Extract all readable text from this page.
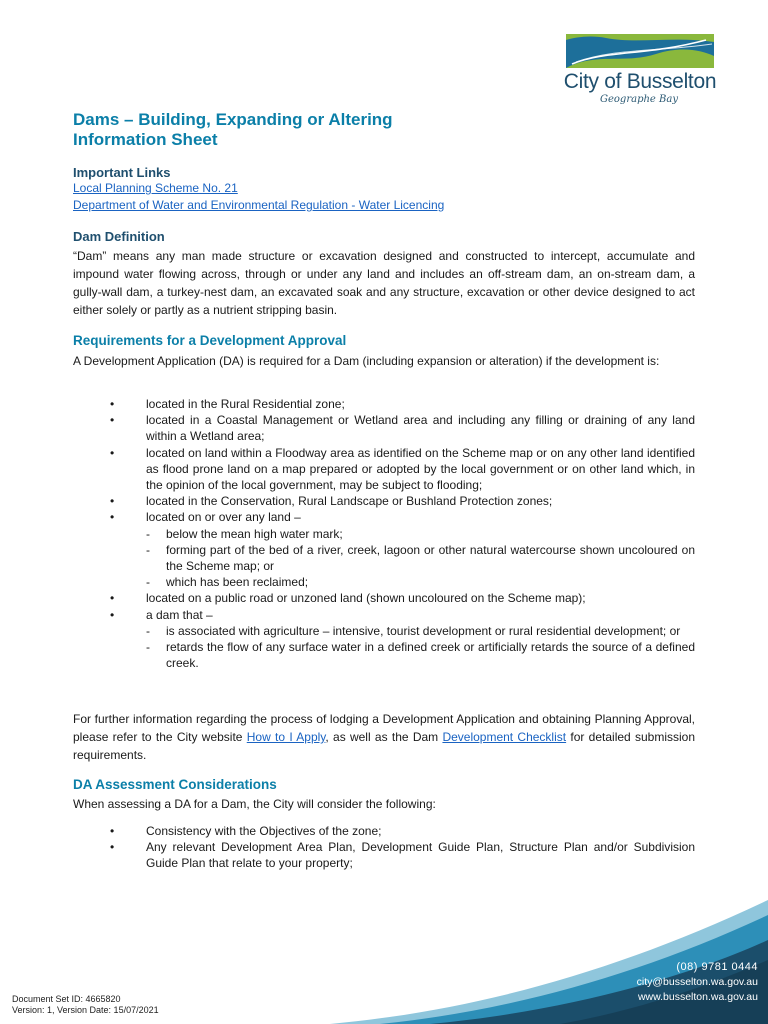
City of Busselton
Geographe Bay
Dams – Building, Expanding or Altering
Information Sheet
Important Links
Local Planning Scheme No. 21
Department of Water and Environmental Regulation - Water Licencing
Dam Definition
“Dam” means any man made structure or excavation designed and constructed to intercept, accumulate and impound water flowing across, through or under any land and includes an off-stream dam, an on-stream dam, a gully-wall dam, a turkey-nest dam, an excavated soak and any structure, excavation or other device designed to act either solely or partly as a nutrient stripping basin.
Requirements for a Development Approval
A Development Application (DA) is required for a Dam (including expansion or alteration) if the development is:
•	located in the Rural Residential zone;
•	located in a Coastal Management or Wetland area and including any filling or draining of any land within a Wetland area;
•	located on land within a Floodway area as identified on the Scheme map or on any other land identified as flood prone land on a map prepared or adopted by the local government or on other land which, in the opinion of the local government, may be subject to flooding;
•	located in the Conservation, Rural Landscape or Bushland Protection zones;
•	located on or over any land –
- below the mean high water mark;
- forming part of the bed of a river, creek, lagoon or other natural watercourse shown uncoloured on the Scheme map; or
- which has been reclaimed;
•	located on a public road or unzoned land (shown uncoloured on the Scheme map);
•	a dam that –
- is associated with agriculture – intensive, tourist development or rural residential development; or
- retards the flow of any surface water in a defined creek or artificially retards the source of a defined creek.
For further information regarding the process of lodging a Development Application and obtaining Planning Approval, please refer to the City website How to I Apply, as well as the Dam Development Checklist for detailed submission requirements.
DA Assessment Considerations
When assessing a DA for a Dam, the City will consider the following:
•	Consistency with the Objectives of the zone;
•	Any relevant Development Area Plan, Development Guide Plan, Structure Plan and/or Subdivision Guide Plan that relate to your property;
(08) 9781 0444
city@busselton.wa.gov.au
www.busselton.wa.gov.au
Document Set ID: 4665820
Version: 1, Version Date: 15/07/2021
